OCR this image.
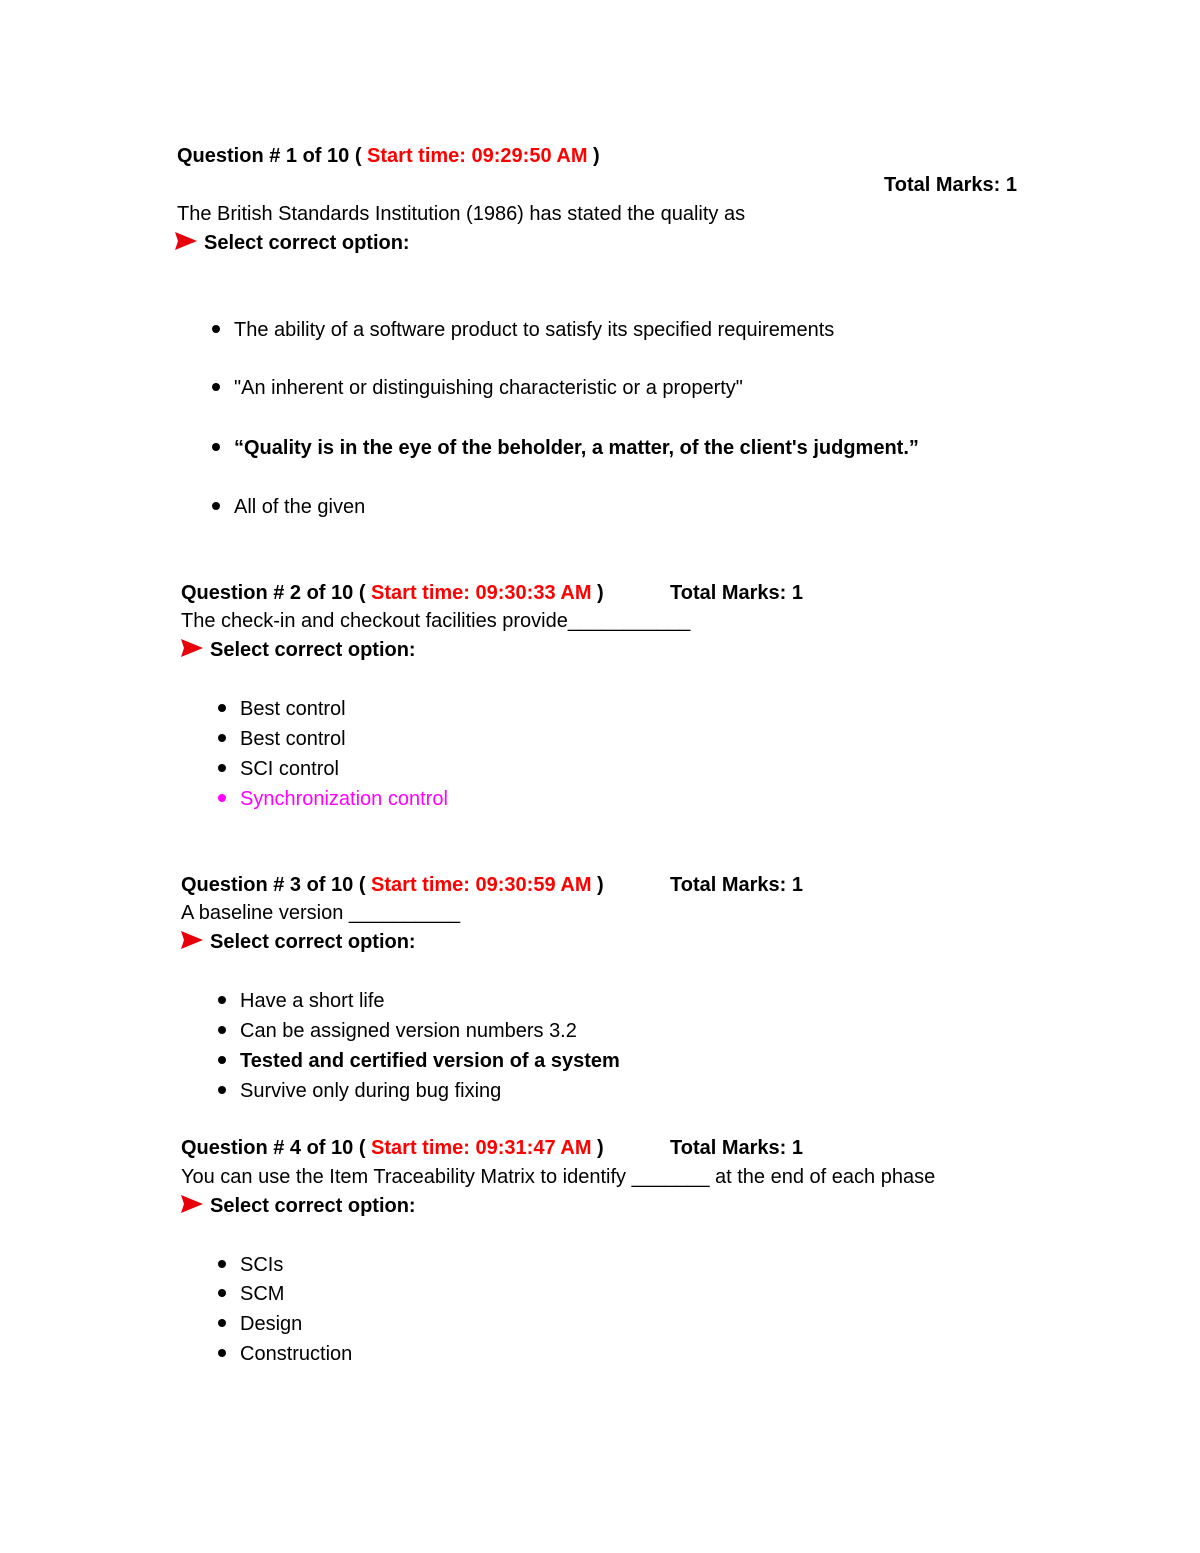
Question # 1 of 10 ( Start time: 09:29:50 AM )
Total Marks: 1
The British Standards Institution (1986) has stated the quality as
Select correct option:
The ability of a software product to satisfy its specified requirements
"An inherent or distinguishing characteristic or a property"
“Quality is in the eye of the beholder, a matter, of the client's judgment.”
All of the given
Question # 2 of 10 ( Start time: 09:30:33 AM )	Total Marks: 1
The check-in and checkout facilities provide___________
Select correct option:
Best control
Best control
SCI control
Synchronization control
Question # 3 of 10 ( Start time: 09:30:59 AM )	Total Marks: 1
A baseline version __________
Select correct option:
Have a short life
Can be assigned version numbers 3.2
Tested and certified version of a system
Survive only during bug fixing
Question # 4 of 10 ( Start time: 09:31:47 AM )	Total Marks: 1
You can use the Item Traceability Matrix to identify _______ at the end of each phase
Select correct option:
SCIs
SCM
Design
Construction
